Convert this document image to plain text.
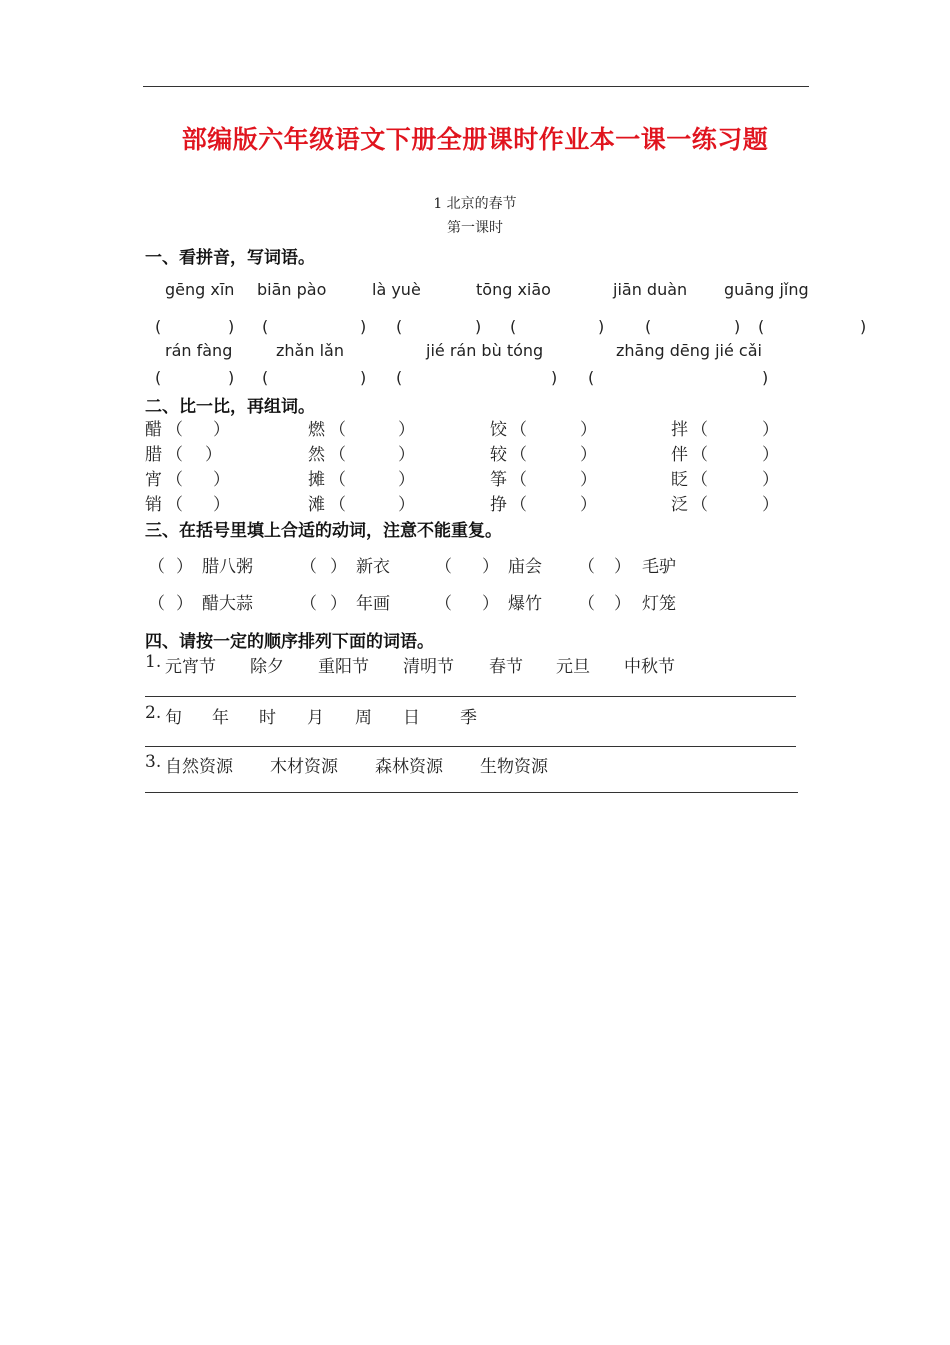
部编版六年级语文下册全册课时作业本一课一练习题
1 北京的春节
第一课时
一、看拼音，写词语。
gēng xīn biān pào	là yuè	tōng xiāo	jiān duàn guāng jǐng
(	) (	) (	) (	)	(	) (	)
rán fàng	zhǎn lǎn	jié rán bù tóng	zhāng dēng jié cǎi
(	) (	) (	) (	)
二、比一比，再组词。
醋 （ ）	燃 （	）	饺 （	）	拌 （	）
腊 （ ）	然 （	）	较 （	）	伴 （	）
宵 （ ）	摊 （	）	筝 （	）	眨 （	）
销 （ ）	滩 （	）	挣 （	）	泛 （	）
三、在括号里填上合适的动词，注意不能重复。
（ ） 腊八粥	（ ） 新衣	（ ） 庙会 （ ） 毛驴
（ ） 醋大蒜	（ ） 年画	（ ） 爆竹 （ ） 灯笼
四、请按一定的顺序排列下面的词语。
1. 元宵节 除夕 重阳节 清明节 春节 元旦 中秋节
2. 旬 年 时 月 周 日 季
3. 自然资源 木材资源 森林资源 生物资源
